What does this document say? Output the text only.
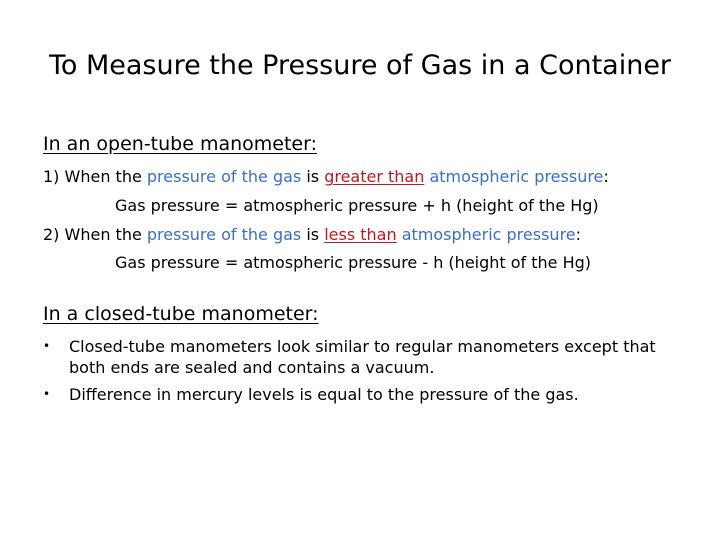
To Measure the Pressure of Gas in a Container
In an open-tube manometer:
1) When the pressure of the gas is greater than atmospheric pressure:
Gas pressure = atmospheric pressure + h (height of the Hg)
2) When the pressure of the gas is less than atmospheric pressure:
Gas pressure = atmospheric pressure - h (height of the Hg)
In a closed-tube manometer:
•	Closed-tube manometers look similar to regular manometers except that both ends are sealed and contains a vacuum.
•	Difference in mercury levels is equal to the pressure of the gas.
